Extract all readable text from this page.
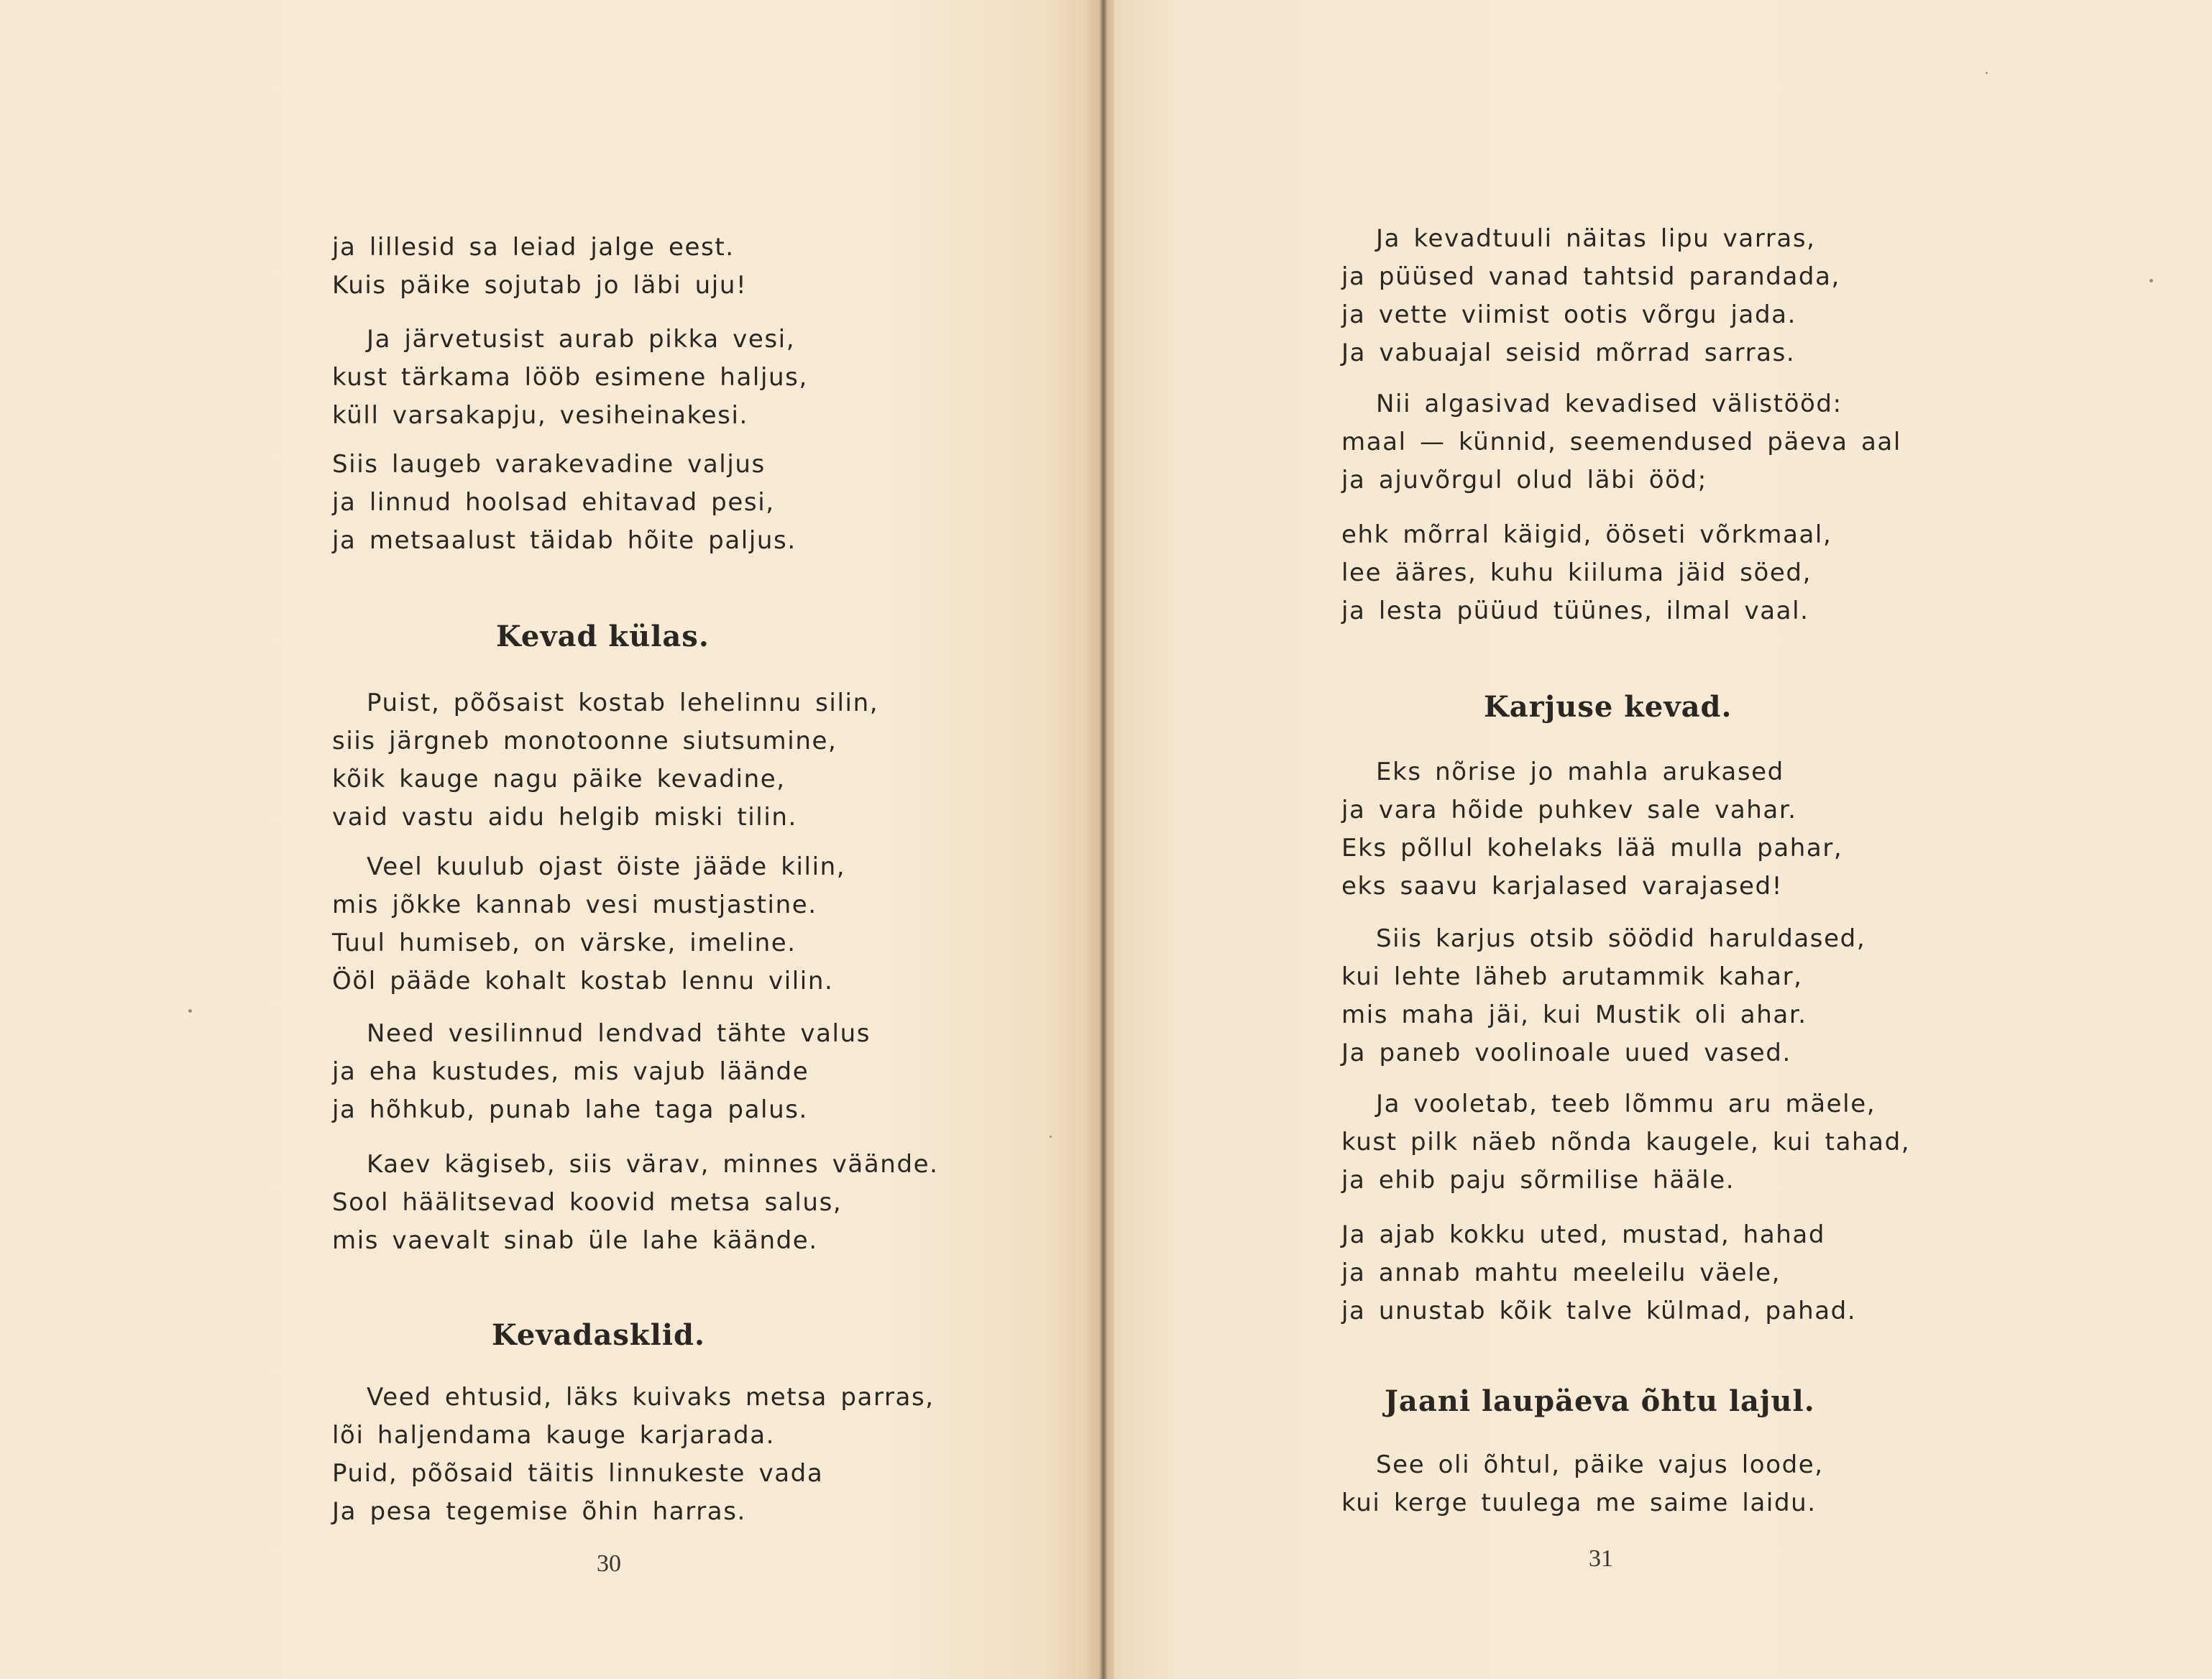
ja lillesid sa leiad jalge eest.
Kuis päike sojutab jo läbi uju!
Ja järvetusist aurab pikka vesi,
kust tärkama lööb esimene haljus,
küll varsakapju, vesiheinakesi.
Siis laugeb varakevadine valjus
ja linnud hoolsad ehitavad pesi,
ja metsaalust täidab hõite paljus.
Kevad külas.
Puist, põõsaist kostab lehelinnu silin,
siis järgneb monotoonne siutsumine,
kõik kauge nagu päike kevadine,
vaid vastu aidu helgib miski tilin.
Veel kuulub ojast öiste jääde kilin,
mis jõkke kannab vesi mustjastine.
Tuul humiseb, on värske, imeline.
Ööl pääde kohalt kostab lennu vilin.
Need vesilinnud lendvad tähte valus
ja eha kustudes, mis vajub läände
ja hõhkub, punab lahe taga palus.
Kaev kägiseb, siis värav, minnes väände.
Sool häälitsevad koovid metsa salus,
mis vaevalt sinab üle lahe käände.
Kevadasklid.
Veed ehtusid, läks kuivaks metsa parras,
lõi haljendama kauge karjarada.
Puid, põõsaid täitis linnukeste vada
Ja pesa tegemise õhin harras.
30
Ja kevadtuuli näitas lipu varras,
ja püüsed vanad tahtsid parandada,
ja vette viimist ootis võrgu jada.
Ja vabuajal seisid mõrrad sarras.
Nii algasivad kevadised välistööd:
maal — künnid, seemendused päeva aal
ja ajuvõrgul olud läbi ööd;
ehk mõrral käigid, ööseti võrkmaal,
lee ääres, kuhu kiiluma jäid söed,
ja lesta püüud tüünes, ilmal vaal.
Karjuse kevad.
Eks nõrise jo mahla arukased
ja vara hõide puhkev sale vahar.
Eks põllul kohelaks lää mulla pahar,
eks saavu karjalased varajased!
Siis karjus otsib söödid haruldased,
kui lehte läheb arutammik kahar,
mis maha jäi, kui Mustik oli ahar.
Ja paneb voolinoale uued vased.
Ja vooletab, teeb lõmmu aru mäele,
kust pilk näeb nõnda kaugele, kui tahad,
ja ehib paju sõrmilise hääle.
Ja ajab kokku uted, mustad, hahad
ja annab mahtu meeleilu väele,
ja unustab kõik talve külmad, pahad.
Jaani laupäeva õhtu lajul.
See oli õhtul, päike vajus loode,
kui kerge tuulega me saime laidu.
31
